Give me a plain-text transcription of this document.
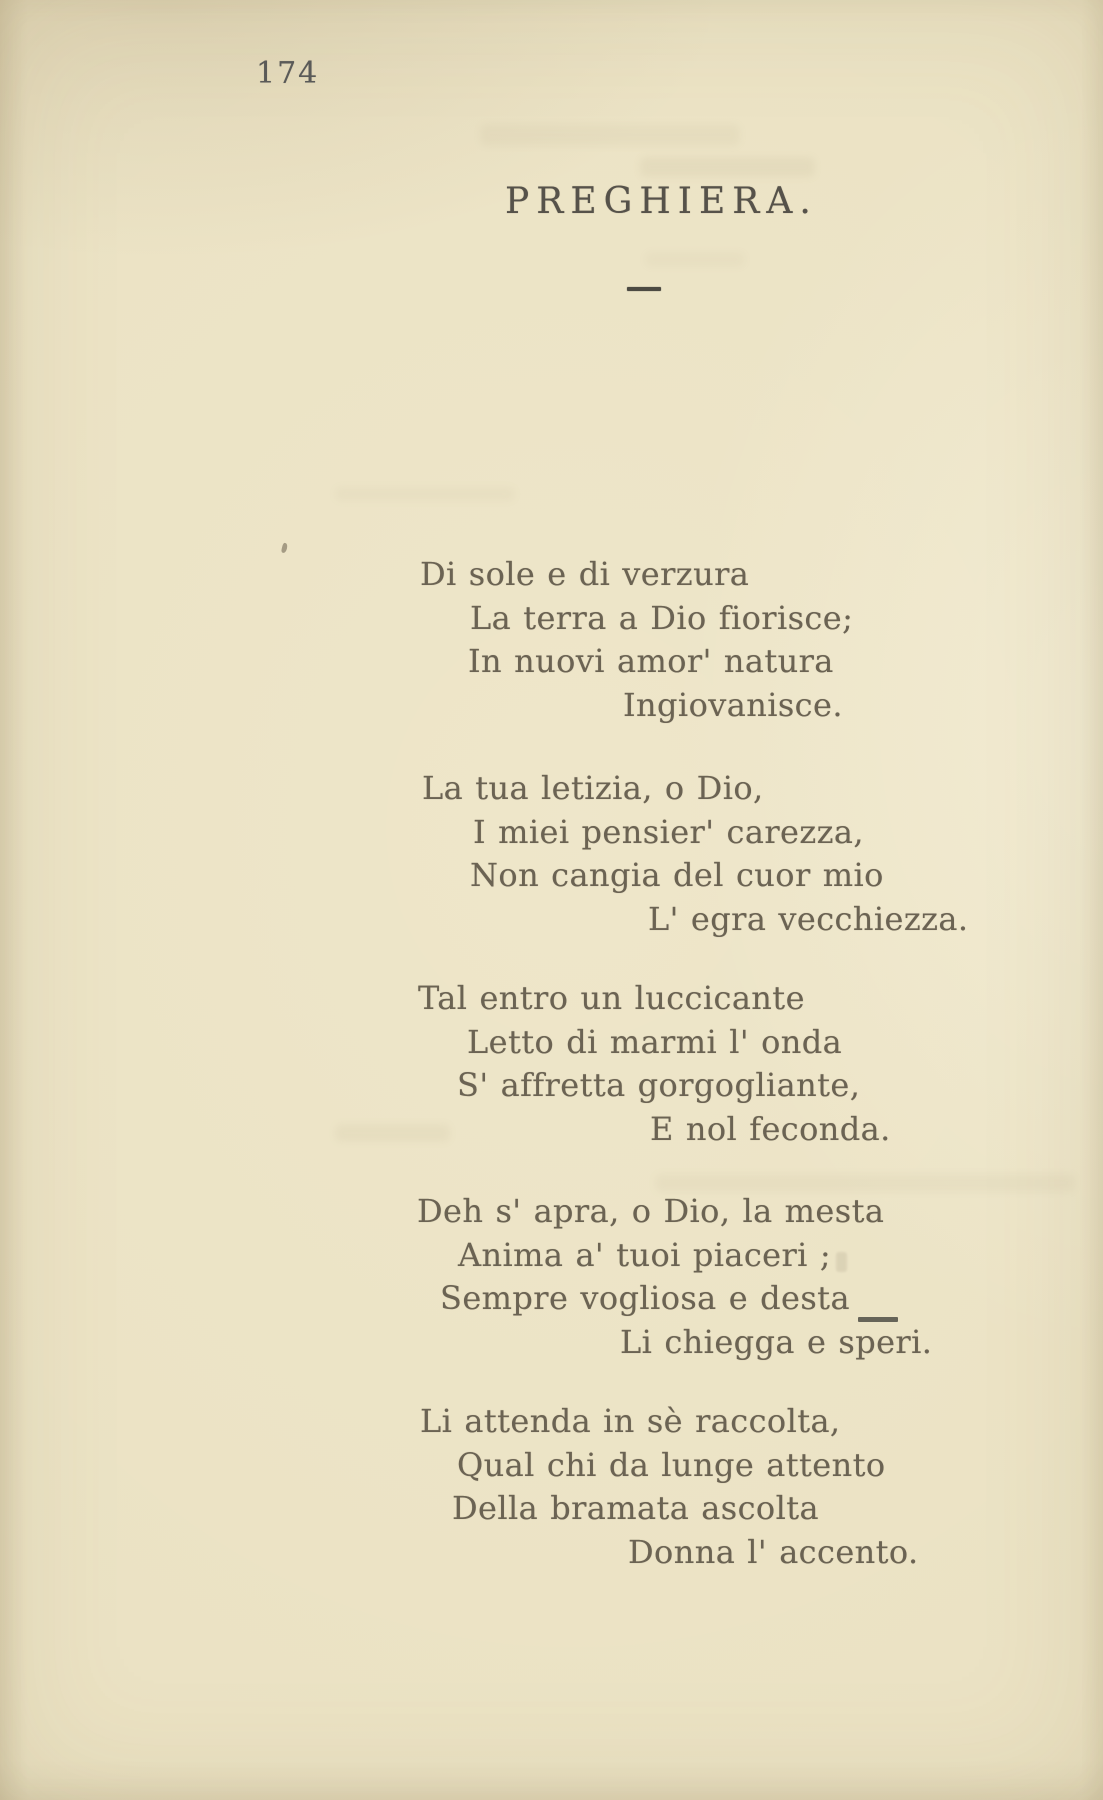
174
PREGHIERA.
Di sole e di verzura
La terra a Dio fiorisce;
In nuovi amor' natura
Ingiovanisce.
La tua letizia, o Dio,
I miei pensier' carezza,
Non cangia del cuor mio
L' egra vecchiezza.
Tal entro un luccicante
Letto di marmi l' onda
S' affretta gorgogliante,
E nol feconda.
Deh s' apra, o Dio, la mesta
Anima a' tuoi piaceri ;
Sempre vogliosa e desta
Li chiegga e speri.
Li attenda in sè raccolta,
Qual chi da lunge attento
Della bramata ascolta
Donna l' accento.
